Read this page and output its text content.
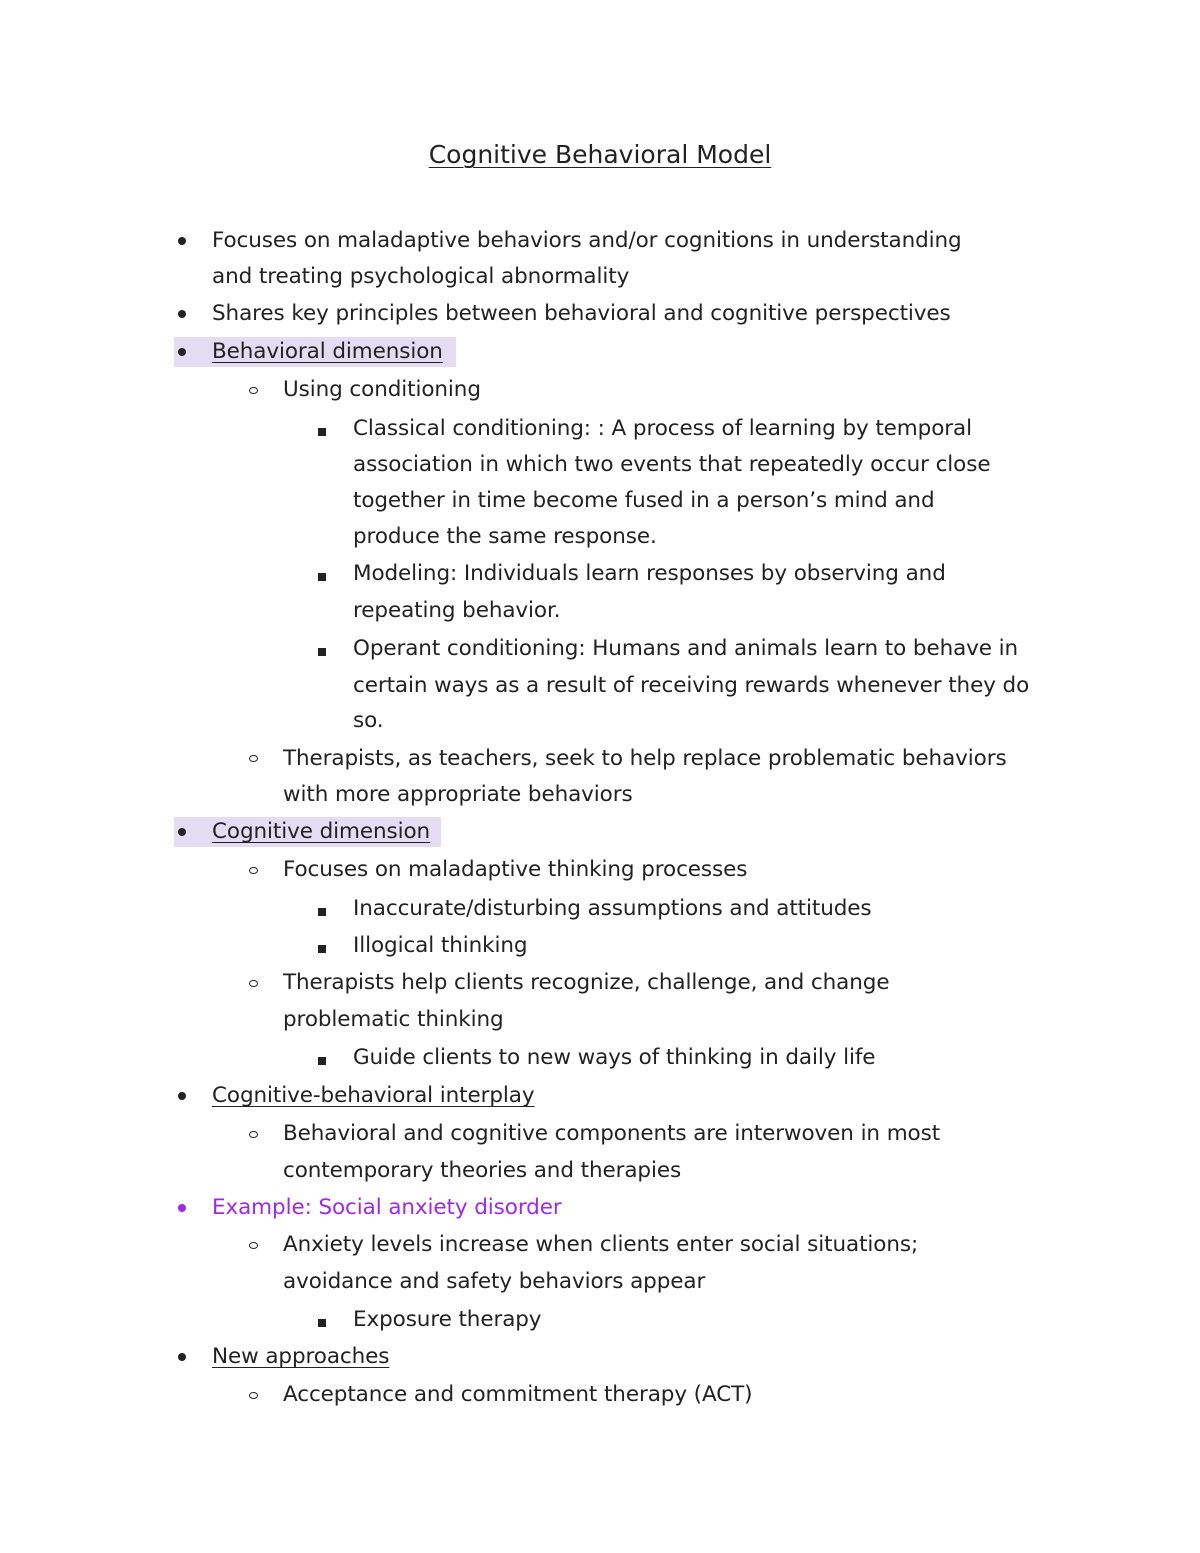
Cognitive Behavioral Model
Focuses on maladaptive behaviors and/or cognitions in understanding
and treating psychological abnormality
Shares key principles between behavioral and cognitive perspectives
Behavioral dimension
Using conditioning
Classical conditioning: : A process of learning by temporal
association in which two events that repeatedly occur close
together in time become fused in a person’s mind and
produce the same response.
Modeling: Individuals learn responses by observing and
repeating behavior.
Operant conditioning: Humans and animals learn to behave in
certain ways as a result of receiving rewards whenever they do
so.
Therapists, as teachers, seek to help replace problematic behaviors
with more appropriate behaviors
Cognitive dimension
Focuses on maladaptive thinking processes
Inaccurate/disturbing assumptions and attitudes
Illogical thinking
Therapists help clients recognize, challenge, and change
problematic thinking
Guide clients to new ways of thinking in daily life
Cognitive-behavioral interplay
Behavioral and cognitive components are interwoven in most
contemporary theories and therapies
Example: Social anxiety disorder
Anxiety levels increase when clients enter social situations;
avoidance and safety behaviors appear
Exposure therapy
New approaches
Acceptance and commitment therapy (ACT)
